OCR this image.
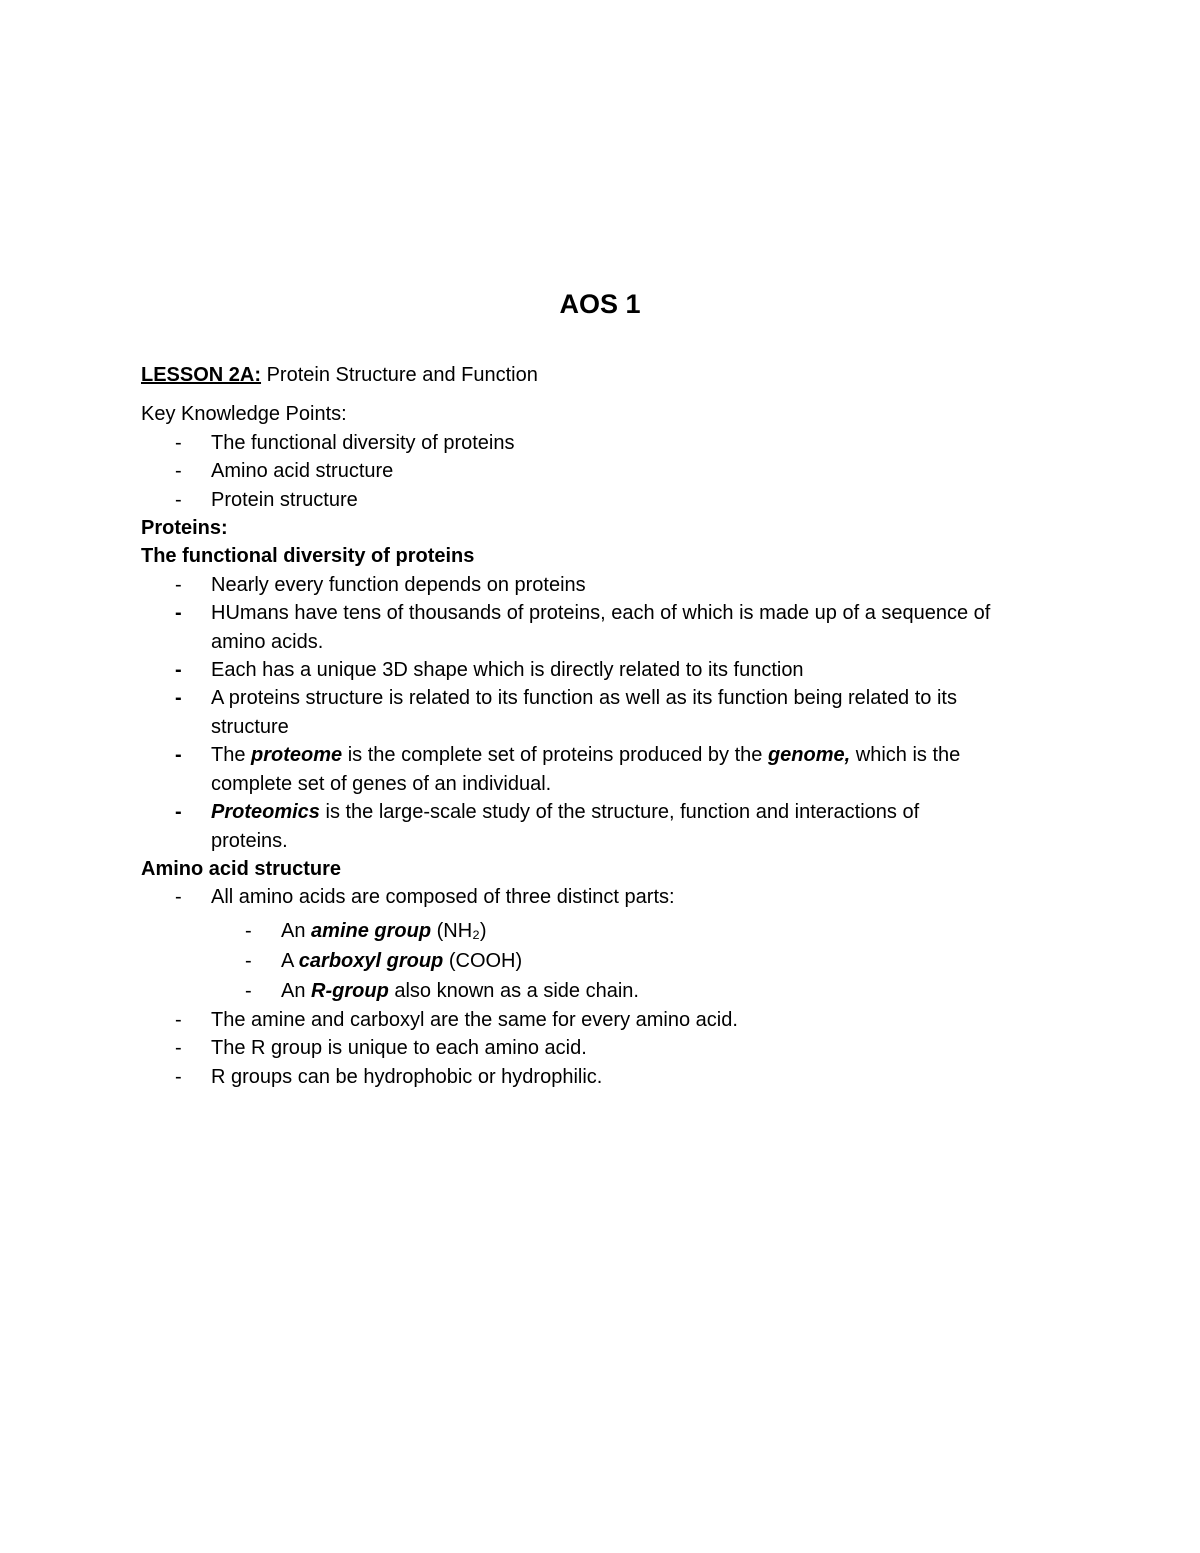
AOS 1
LESSON 2A: Protein Structure and Function
Key Knowledge Points:
-	The functional diversity of proteins
-	Amino acid structure
-	Protein structure
Proteins:
The functional diversity of proteins
-	Nearly every function depends on proteins
-	HUmans have tens of thousands of proteins, each of which is made up of a sequence of
amino acids.
-	Each has a unique 3D shape which is directly related to its function
-	A proteins structure is related to its function as well as its function being related to its
structure
-	The proteome is the complete set of proteins produced by the genome, which is the
complete set of genes of an individual.
-	Proteomics is the large-scale study of the structure, function and interactions of
proteins.
Amino acid structure
-	All amino acids are composed of three distinct parts:
-	An amine group (NH₂)
-	A carboxyl group (COOH)
-	An R-group also known as a side chain.
-	The amine and carboxyl are the same for every amino acid.
-	The R group is unique to each amino acid.
-	R groups can be hydrophobic or hydrophilic.
